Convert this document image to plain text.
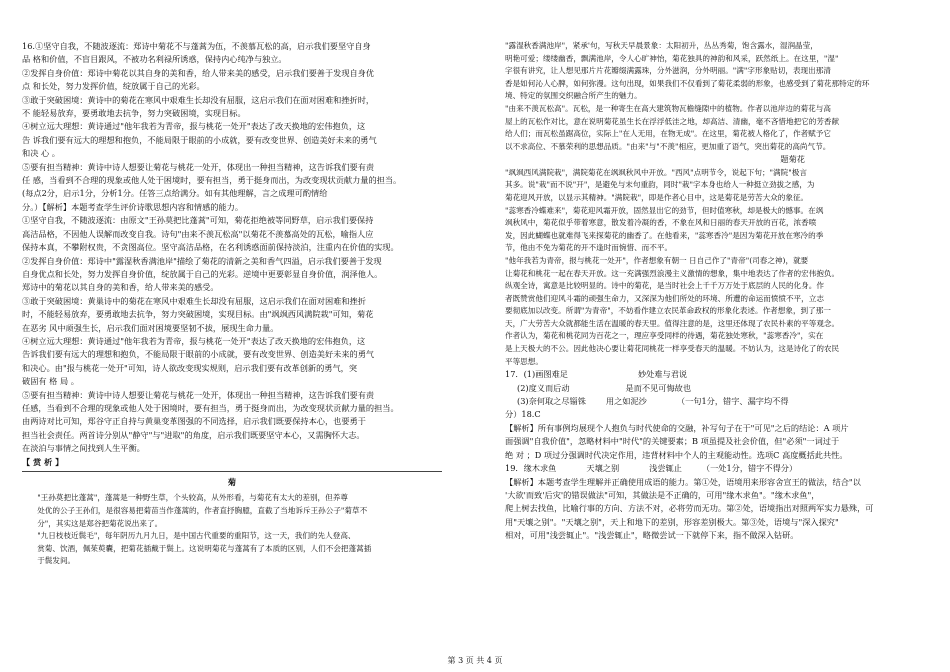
16.①坚守自我，不随波逐流：郑诗中菊花不与蓬蒿为伍，不羡慕瓦松的高，启示我们要坚守自身

品 格和价值，不盲目跟风，不被功名利禄所诱惑，保持内心纯净与独立。

②发挥自身价值：郑诗中菊花以其自身的美和香，给人带来美的感受，启示我们要善于发现自身优

点 和长处，努力发挥价值，绽放属于自己的光彩。

③敢于突破困境：黄诗中的菊花在寒风中艰难生长却没有屈服，这启示我们在面对困难和挫折时，

不 能轻易放弃，要勇敢地去抗争，努力突破困境，实现目标。

④树立远大理想：黄诗通过"他年我若为青帝，报与桃花一处开"表达了改天换地的宏伟抱负，这

告 诉我们要有远大的理想和抱负，不能局限于眼前的小成就，要有改变世界、创造美好未来的勇气

和决 心 。

⑤要有担当精神：黄诗中诗人想要让菊花与桃花一处开，体现出一种担当精神，这告诉我们要有责

任 感，当看到不合理的现象或他人处于困境时，要有担当，勇于挺身而出，为改变现状贡献力量的担当。

(每点2分，启示1分，分析1分。任答三点给满分。如有其他理解，言之成理可酌情给

分。）【解析】本题考查学生评价诗歌思想内容和情感的能力。

①坚守自我，不随波逐流：由原文"王孙莫把比蓬蒿"可知，菊花拒绝被等同野草，启示我们要保持

高洁品格，不因他人误解而改变自我。诗句"由来不羡瓦松高"以菊花不羡慕高处的瓦松，喻指人应

保持本真，不攀附权贵，不贪图高位。坚守高洁品格，在名利诱惑面前保持淡泊，注重内在价值的实现。

②发挥自身价值：郑诗中"露湿秋香满池岸"描绘了菊花的清新之美和香气四溢，启示我们要善于发现

自身优点和长处，努力发挥自身价值，绽放属于自己的光彩。逆境中更要彰显自身价值，润泽他人。

郑诗中的菊花以其自身的美和香，给人带来美的感受。

③敢于突破困境：黄巢诗中的菊花在寒风中艰难生长却没有屈服，这启示我们在面对困难和挫折

时，不能轻易放弃，要勇敢地去抗争，努力突破困境，实现目标。由"飒飒西风满院栽"可知，菊花

在恶劣 风中顽强生长，启示我们面对困境要坚韧不拔，展现生命力量。

④树立远大理想：黄诗通过"他年我若为青帝，报与桃花一处开"表达了改天换地的宏伟抱负，这

告诉我们要有远大的理想和抱负，不能局限于眼前的小成就，要有改变世界、创造美好未来的勇气

和决心。由"报与桃花一处开"可知，诗人欲改变现实规则，启示我们要有改革创新的勇气，突

破固有 格 局 。

⑤要有担当精神：黄诗中诗人想要让菊花与桃花一处开，体现出一种担当精神，这告诉我们要有责

任感，当看到不合理的现象或他人处于困境时，要有担当，勇于挺身而出，为改变现状贡献力量的担当。

由两诗对比可知，郑谷守正自持与黄巢变革图强的不同选择，启示我们既要保持本心，也要勇于

担当社会责任。两首诗分别从"静守"与"进取"的角度，启示我们既要坚守本心，又需胸怀大志。

在淡泊与事情之间找到人生平衡。

【 赏 析 】

菊

"王孙莫把比蓬蒿"，蓬蒿是一种野生草，个头较高，从外形看，与菊花有太大的差别，但养尊

处优的公子王孙们，是很容易把菊苗当作蓬蒿的，作者直抒胸臆，直截了当地诉斥王孙公子"菊草不

分"，其实这是郑谷把菊花说出来了。

"九日枝枝近鬓毛"，每年阴历九月九日，是中国古代重要的重阳节，这一天，我们的先人登高、

赏菊、饮酒，佩茱萸囊，把菊花插戴于鬓上。这说明菊花与蓬蒿有了本质的区别，人们不会把蓬蒿插

于鬓发间。

"露湿秋香满池岸"，紧承'句，写秋天早晨景象：太阳初升，丛丛秀菊，饱含露水，湿润晶莹，

明艳可爱；缕缕幽香，飘满池岸，令人心旷神怡，菊花独具的神韵和风采，跃然纸上。在这里，"湿"

字很有讲究，让人想见那片片花瓣缀满露珠，分外滋润，分外明丽。"满"字形象贴切，表现出那清

香是如何沁人心脾，如何弥漫。这句出现，如果我们不仅看到了菊花柔弱的形象，也感受到了菊花那特定的环

境、特定的氛围交织融合所产生的魅力。

"由来不羡瓦松高"。瓦松，是一种寄生在高大建筑物瓦檐缝隙中的植物。作者以池岸边的菊花与高

屋上的瓦松作对比，意在说明菊花虽生长在浮浮低洼之地，却高洁、清幽，毫不吝惜地把它的芳香献

给人们；而瓦松虽踞高位，实际上"在人无用，在物无成"。在这里，菊花被人格化了，作者赋予它

以不求高位、不慕荣利的思想品质。"由来"与"不羡"相应，更加重了语气，突出菊花的高尚气节。

题菊花

"飒飒西风满院栽"，满院菊花在飒飒秋风中开放。"西风"点明节令，说起下句；"满院"极言

其多。说"栽"而不说"开"，是避免与末句重韵，同时"栽"字本身也给人一种挺立劲拔之感，为

菊花迎风开放，以显示其精神。"满院栽"，即是作者心目中，这是菊花是劳苦大众的象征。

"蕊寒香冷蝶难来"，菊花迎风霜开放，固然显出它的劲节，但时值寒秋，却是极大的憾事。在飒

飒秋风中，菊花似乎带着寒意，散发着冷凝的香，不象在风和日丽的春天开放的百花，浓香喷

发，因此蝴蝶也就难得飞来探菊花的幽香了。在他看来，"蕊寒香冷"是因为菊花开放在寒冷的季

节，他由不免为菊花的开不逢时而惋惜、而不平。

"他年我若为青帝，报与桃花一处开"，作者想象有朝一 日自己作了"青帝"(司春之神)，就要

让菊花和桃花一起在春天开放。这一充满强烈浪漫主义激情的想象，集中地表达了作者的宏伟抱负。

纵观全诗，寓意是比较明显的。诗中的菊花，是当时社会上千千万万处于底层的人民的化身。作

者既赞赏他们迎风斗霜的顽强生命力，又深深为他们所处的环境、所遭的命运而愤愤不平，立志

要彻底加以改变。所谓"为青帝"，不妨看作建立农民革命政权的形象化表述。作者想象，到了那一

天，广大劳苦大众就都能生活在温暖的春天里。值得注意的是，这里还体现了农民朴素的平等观念。

作者认为，菊花和桃花同为百花之一，理应享受同样的待遇，菊花独处寒秋，"蕊寒香冷"，实在

是上天极大的不公。因此他决心要让菊花同桃花一样享受春天的温暖。不妨认为，这是诗化了的农民

平等思想。

17．(1)画图难足	妙处难与君说

(2)度义而后动	是而不见可悔故也

(3)奈何取之尽锱铢 用之如泥沙	（一句1分，错字、漏字均不得

分）18.C

【解析】所有事例均展现个人抱负与时代使命的交融，补写句子在于"可见"之后的结论：A 项片

面强调"自我价值"，忽略材料中"时代"的关键要素；B 项虽提及社会价值，但"必须"一词过于

绝 对 ；D 项过分强调时代决定作用，违背材料中个人的主观能动性。选项C 高度概括此共性。

19．缘木求鱼	天壤之别	浅尝辄止 （一处1分，错字不得分）

【解析】本题考查学生理解并正确使用成语的能力。第①处，语境用来形容舍宣王的做法，结合"以

'大欲'而致'后灾'的错误做法"可知，其做法是不正确的，可用"缘木求鱼"。"缘木求鱼"，

爬上树去找鱼，比喻行事的方向、方法不对，必将劳而无功。第②处，语境指出对照两军实力悬殊，可

用"天壤之别"。"天壤之别"，天上和地下的差别，形容差别极大。第③处，语境与"深入探究"

相对，可用"浅尝辄止"。"浅尝辄止"，略微尝试一下就停下来，指不做深入钻研。

第 3 页 共 4 页
